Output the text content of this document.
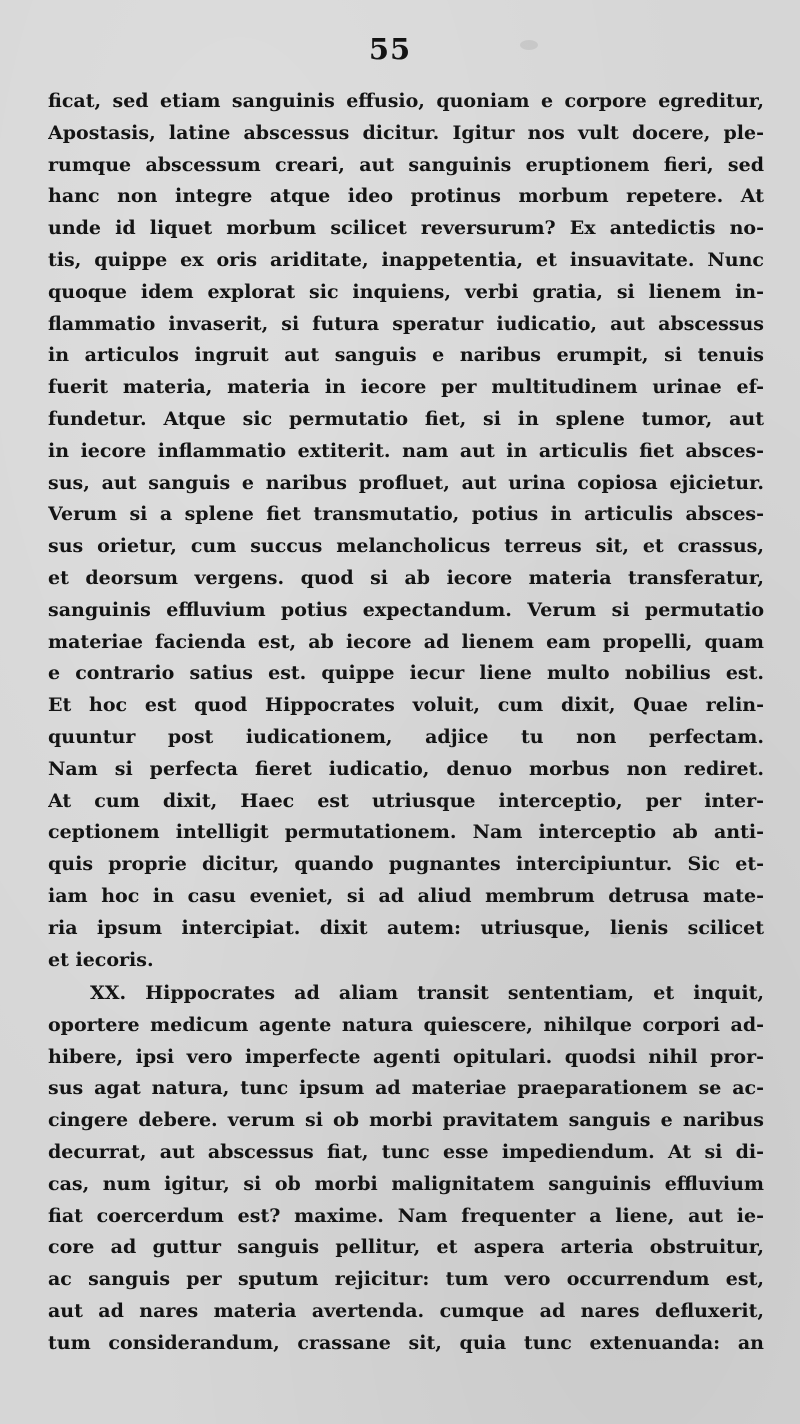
55
ficat, sed etiam sanguinis effusio, quoniam e corpore egreditur,
Apostasis, latine abscessus dicitur. Igitur nos vult docere, ple-
rumque abscessum creari, aut sanguinis eruptionem fieri, sed
hanc non integre atque ideo protinus morbum repetere. At
unde id liquet morbum scilicet reversurum? Ex antedictis no-
tis, quippe ex oris ariditate, inappetentia, et insuavitate. Nunc
quoque idem explorat sic inquiens, verbi gratia, si lienem in-
flammatio invaserit, si futura speratur iudicatio, aut abscessus
in articulos ingruit aut sanguis e naribus erumpit, si tenuis
fuerit materia, materia in iecore per multitudinem urinae ef-
fundetur. Atque sic permutatio fiet, si in splene tumor, aut
in iecore inflammatio extiterit. nam aut in articulis fiet absces-
sus, aut sanguis e naribus profluet, aut urina copiosa ejicietur.
Verum si a splene fiet transmutatio, potius in articulis absces-
sus orietur, cum succus melancholicus terreus sit, et crassus,
et deorsum vergens. quod si ab iecore materia transferatur,
sanguinis effluvium potius expectandum. Verum si permutatio
materiae facienda est, ab iecore ad lienem eam propelli, quam
e contrario satius est. quippe iecur liene multo nobilius est.
Et hoc est quod Hippocrates voluit, cum dixit, Quae relin-
quuntur post iudicationem, adjice tu non perfectam.
Nam si perfecta fieret iudicatio, denuo morbus non rediret.
At cum dixit, Haec est utriusque interceptio, per inter-
ceptionem intelligit permutationem. Nam interceptio ab anti-
quis proprie dicitur, quando pugnantes intercipiuntur. Sic et-
iam hoc in casu eveniet, si ad aliud membrum detrusa mate-
ria ipsum intercipiat. dixit autem: utriusque, lienis scilicet
et iecoris.
XX. Hippocrates ad aliam transit sententiam, et inquit,
oportere medicum agente natura quiescere, nihilque corpori ad-
hibere, ipsi vero imperfecte agenti opitulari. quodsi nihil pror-
sus agat natura, tunc ipsum ad materiae praeparationem se ac-
cingere debere. verum si ob morbi pravitatem sanguis e naribus
decurrat, aut abscessus fiat, tunc esse impediendum. At si di-
cas, num igitur, si ob morbi malignitatem sanguinis effluvium
fiat coercerdum est? maxime. Nam frequenter a liene, aut ie-
core ad guttur sanguis pellitur, et aspera arteria obstruitur,
ac sanguis per sputum rejicitur: tum vero occurrendum est,
aut ad nares materia avertenda. cumque ad nares defluxerit,
tum considerandum, crassane sit, quia tunc extenuanda: an
